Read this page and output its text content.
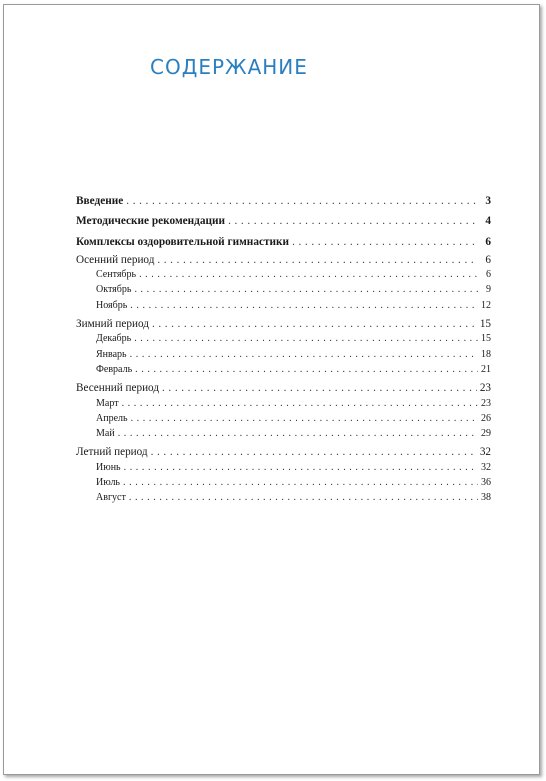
СОДЕРЖАНИЕ
Введение .....	3
Методические рекомендации .....	4
Комплексы оздоровительной гимнастики .....	6
Осенний период .....	6
Сентябрь .....	6
Октябрь .....	9
Ноябрь .....	12
Зимний период .....	15
Декабрь .....	15
Январь .....	18
Февраль .....	21
Весенний период .....	23
Март .....	23
Апрель .....	26
Май .....	29
Летний период .....	32
Июнь .....	32
Июль .....	36
Август .....	38
